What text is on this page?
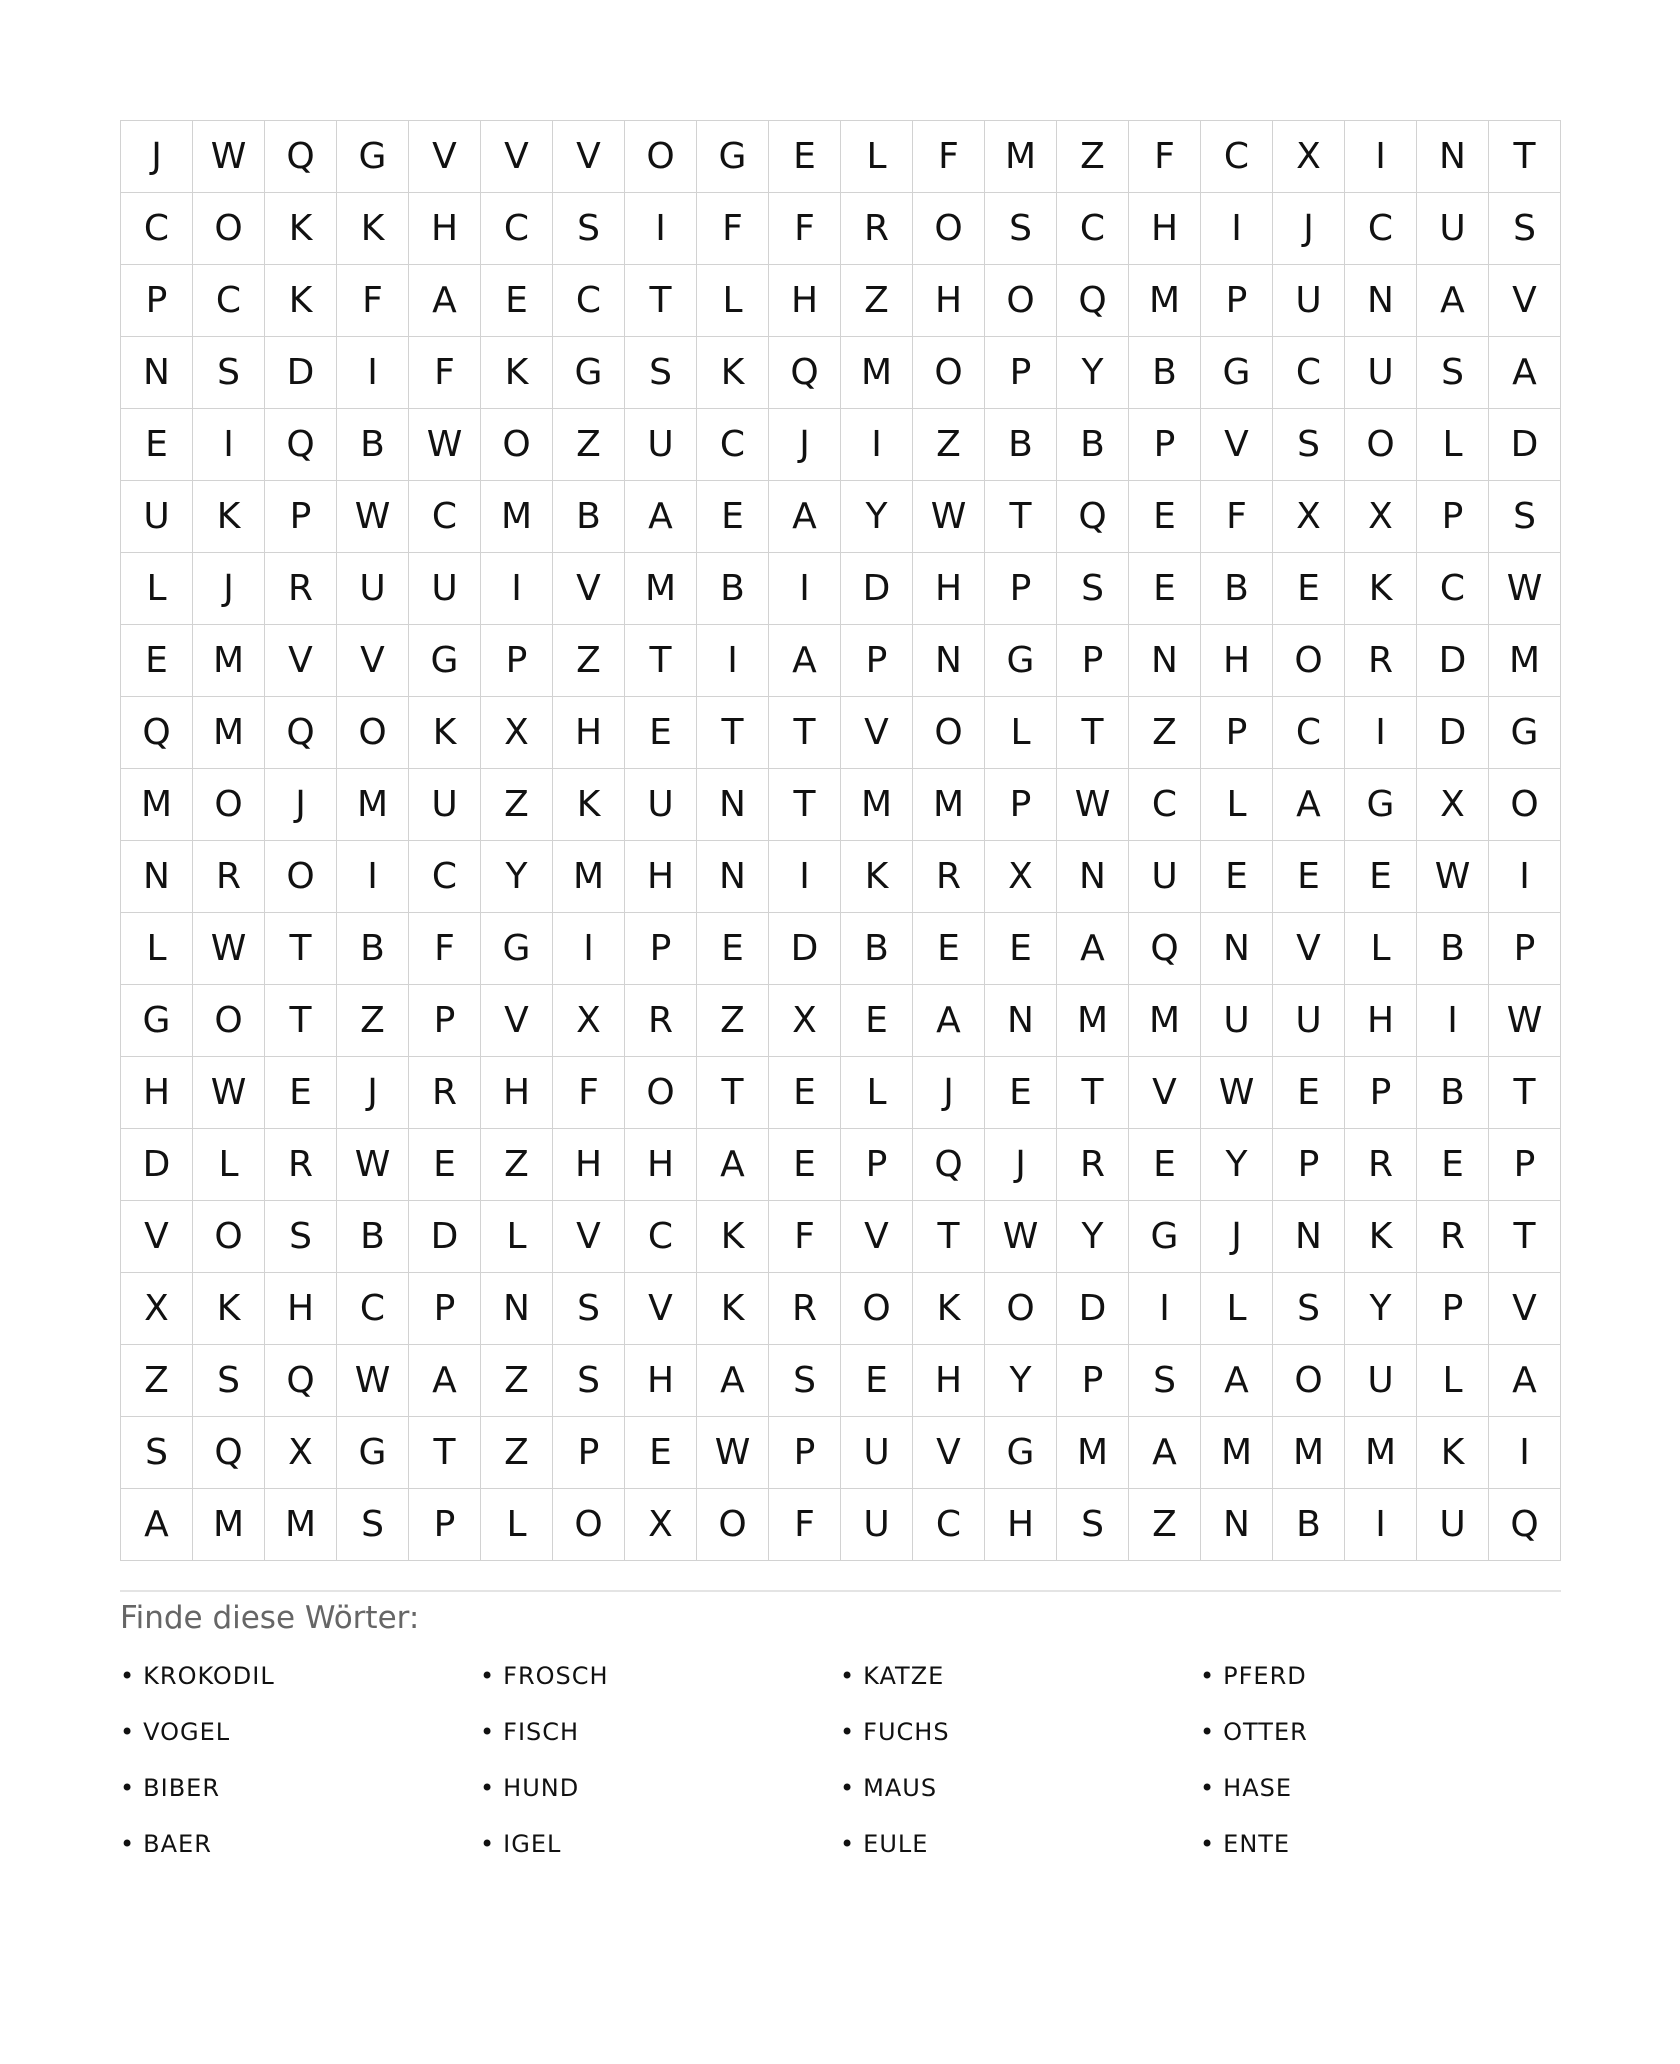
J	W	Q	G	V	V	V	O	G	E	L	F	M	Z	F	C	X	I	N	T
C	O	K	K	H	C	S	I	F	F	R	O	S	C	H	I	J	C	U	S
P	C	K	F	A	E	C	T	L	H	Z	H	O	Q	M	P	U	N	A	V
N	S	D	I	F	K	G	S	K	Q	M	O	P	Y	B	G	C	U	S	A
E	I	Q	B	W	O	Z	U	C	J	I	Z	B	B	P	V	S	O	L	D
U	K	P	W	C	M	B	A	E	A	Y	W	T	Q	E	F	X	X	P	S
L	J	R	U	U	I	V	M	B	I	D	H	P	S	E	B	E	K	C	W
E	M	V	V	G	P	Z	T	I	A	P	N	G	P	N	H	O	R	D	M
Q	M	Q	O	K	X	H	E	T	T	V	O	L	T	Z	P	C	I	D	G
M	O	J	M	U	Z	K	U	N	T	M	M	P	W	C	L	A	G	X	O
N	R	O	I	C	Y	M	H	N	I	K	R	X	N	U	E	E	E	W	I
L	W	T	B	F	G	I	P	E	D	B	E	E	A	Q	N	V	L	B	P
G	O	T	Z	P	V	X	R	Z	X	E	A	N	M	M	U	U	H	I	W
H	W	E	J	R	H	F	O	T	E	L	J	E	T	V	W	E	P	B	T
D	L	R	W	E	Z	H	H	A	E	P	Q	J	R	E	Y	P	R	E	P
V	O	S	B	D	L	V	C	K	F	V	T	W	Y	G	J	N	K	R	T
X	K	H	C	P	N	S	V	K	R	O	K	O	D	I	L	S	Y	P	V
Z	S	Q	W	A	Z	S	H	A	S	E	H	Y	P	S	A	O	U	L	A
S	Q	X	G	T	Z	P	E	W	P	U	V	G	M	A	M	M	M	K	I
A	M	M	S	P	L	O	X	O	F	U	C	H	S	Z	N	B	I	U	Q
Finde diese Wörter:
• KROKODIL	• FROSCH	• KATZE	• PFERD
• VOGEL	• FISCH	• FUCHS	• OTTER
• BIBER	• HUND	• MAUS	• HASE
• BAER	• IGEL	• EULE	• ENTE
